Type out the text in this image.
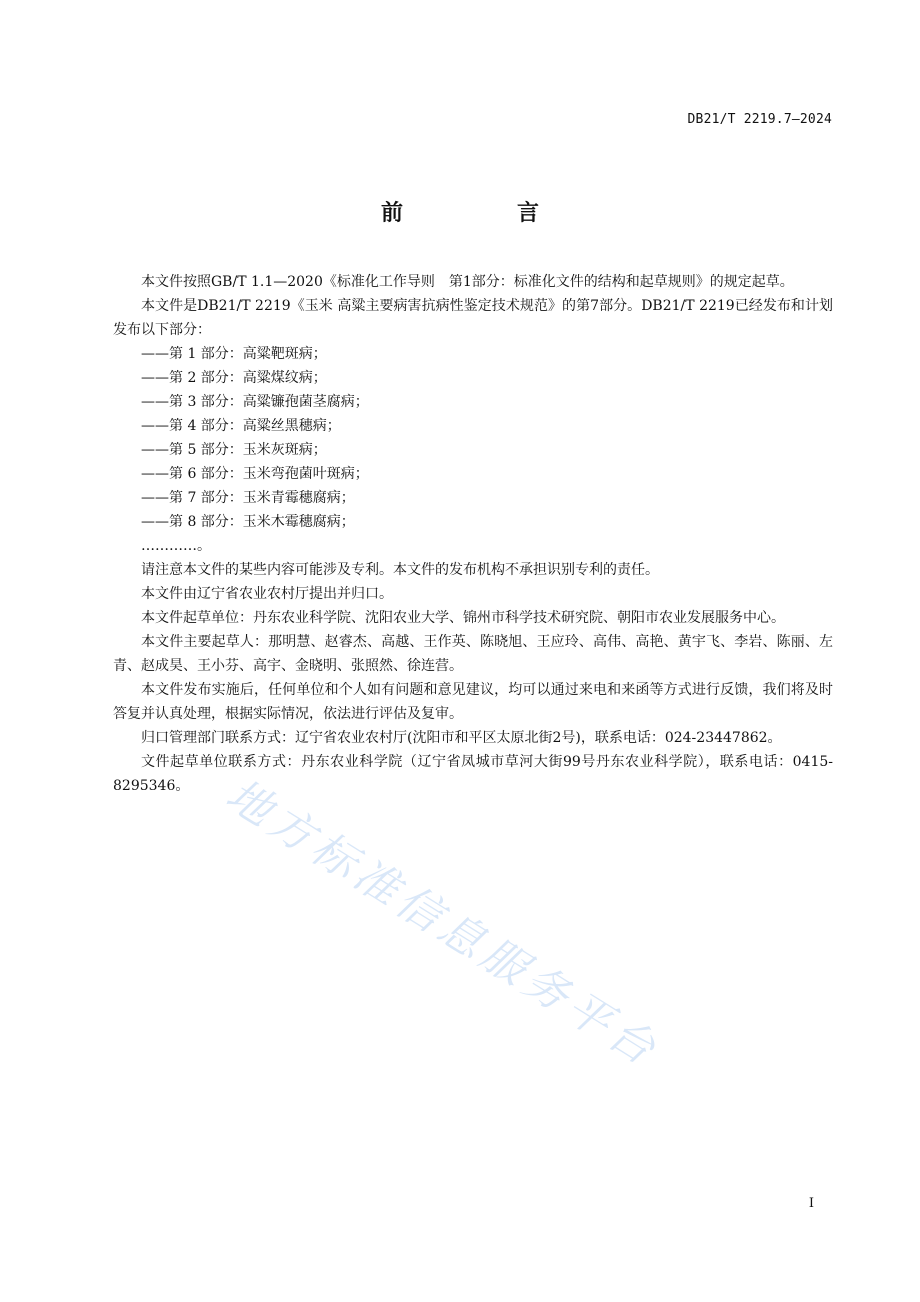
DB21/T 2219.7—2024
前　言

本文件按照GB/T 1.1—2020《标准化工作导则　第1部分：标准化文件的结构和起草规则》的规定起草。

本文件是DB21/T 2219《玉米 高粱主要病害抗病性鉴定技术规范》的第7部分。DB21/T 2219已经发布和计划发布以下部分：

——第 1 部分：高粱靶斑病；

——第 2 部分：高粱煤纹病；

——第 3 部分：高粱镰孢菌茎腐病；

——第 4 部分：高粱丝黑穗病；

——第 5 部分：玉米灰斑病；

——第 6 部分：玉米弯孢菌叶斑病；

——第 7 部分：玉米青霉穗腐病；

——第 8 部分：玉米木霉穗腐病；

…………。

请注意本文件的某些内容可能涉及专利。本文件的发布机构不承担识别专利的责任。

本文件由辽宁省农业农村厅提出并归口。

本文件起草单位：丹东农业科学院、沈阳农业大学、锦州市科学技术研究院、朝阳市农业发展服务中心。

本文件主要起草人：那明慧、赵睿杰、高越、王作英、陈晓旭、王应玲、高伟、高艳、黄宇飞、李岩、陈丽、左青、赵成昊、王小芬、高宇、金晓明、张照然、徐连营。

本文件发布实施后，任何单位和个人如有问题和意见建议，均可以通过来电和来函等方式进行反馈，我们将及时答复并认真处理，根据实际情况，依法进行评估及复审。

归口管理部门联系方式：辽宁省农业农村厅(沈阳市和平区太原北街2号)，联系电话：024-23447862。

文件起草单位联系方式：丹东农业科学院（辽宁省凤城市草河大街99号丹东农业科学院），联系电话：0415-8295346。 地方标准信息服务平台
I
